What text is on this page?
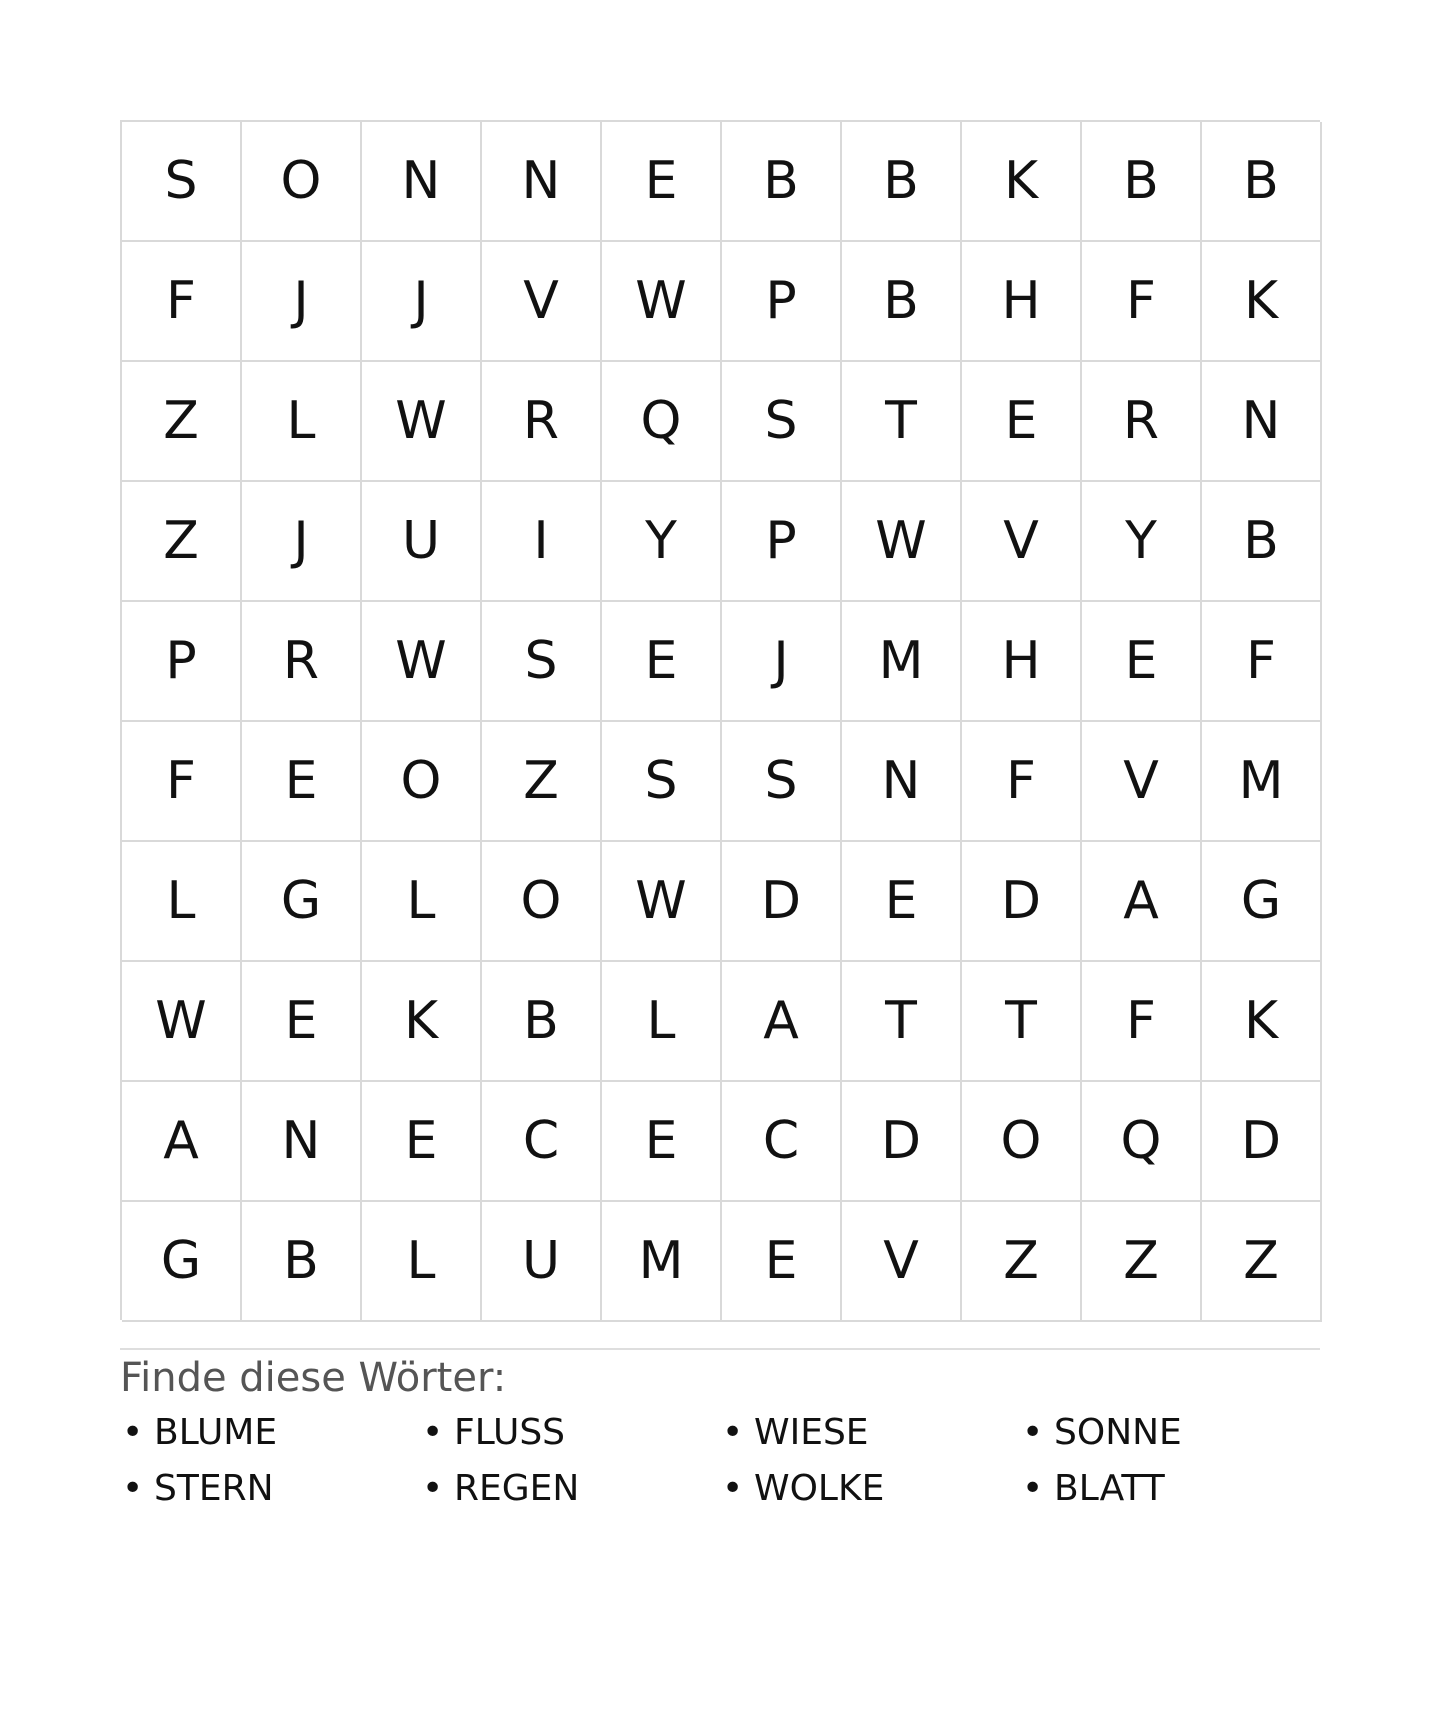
S	O	N	N	E	B	B	K	B	B
F	J	J	V	W	P	B	H	F	K
Z	L	W	R	Q	S	T	E	R	N
Z	J	U	I	Y	P	W	V	Y	B
P	R	W	S	E	J	M	H	E	F
F	E	O	Z	S	S	N	F	V	M
L	G	L	O	W	D	E	D	A	G
W	E	K	B	L	A	T	T	F	K
A	N	E	C	E	C	D	O	Q	D
G	B	L	U	M	E	V	Z	Z	Z
Finde diese Wörter:
• BLUME	• FLUSS	• WIESE	• SONNE
• STERN	• REGEN	• WOLKE	• BLATT
